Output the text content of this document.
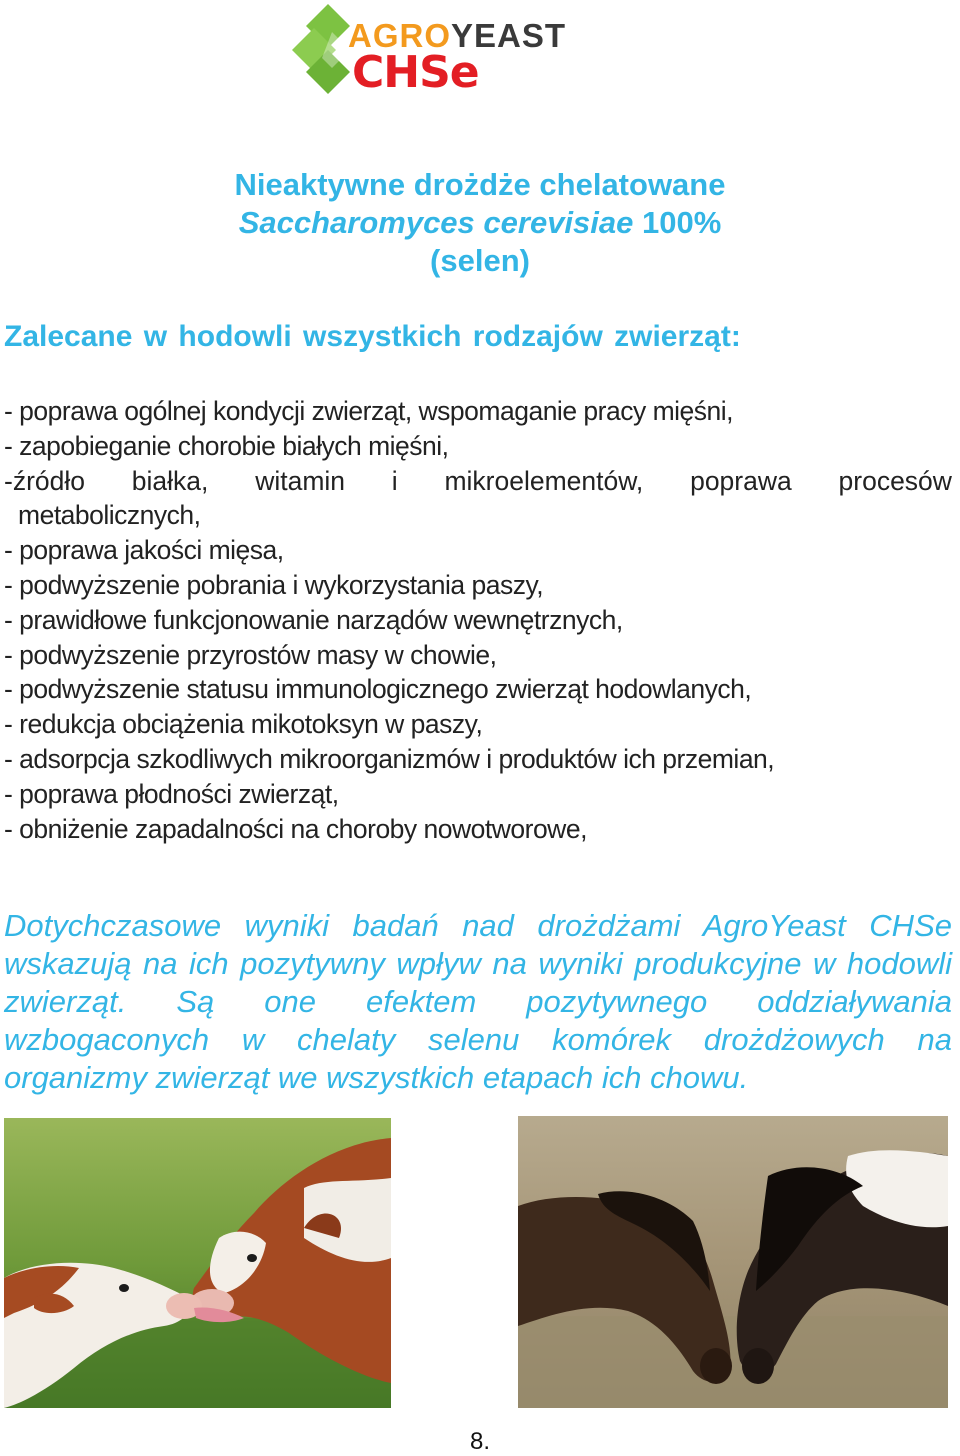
AGROYEAST
CHSe
Nieaktywne drożdże chelatowane
Saccharomyces cerevisiae 100%
(selen)
Zalecane w hodowli wszystkich rodzajów zwierząt:
- poprawa ogólnej kondycji zwierząt, wspomaganie pracy mięśni,
- zapobieganie chorobie białych mięśni,
-źródło białka, witamin i mikroelementów, poprawa procesów
metabolicznych,
- poprawa jakości mięsa,
- podwyższenie pobrania i wykorzystania paszy,
- prawidłowe funkcjonowanie narządów wewnętrznych,
- podwyższenie przyrostów masy w chowie,
- podwyższenie statusu immunologicznego zwierząt hodowlanych,
- redukcja obciążenia mikotoksyn w paszy,
- adsorpcja szkodliwych mikroorganizmów i produktów ich przemian,
- poprawa płodności zwierząt,
- obniżenie zapadalności na choroby nowotworowe,
Dotychczasowe wyniki badań nad drożdżami AgroYeast CHSe wskazują na ich pozytywny wpływ na wyniki produkcyjne w hodowli zwierząt. Są one efektem pozytywnego oddziaływania wzbogaconych w chelaty selenu komórek drożdżowych na organizmy zwierząt we wszystkich etapach ich chowu.
8.
